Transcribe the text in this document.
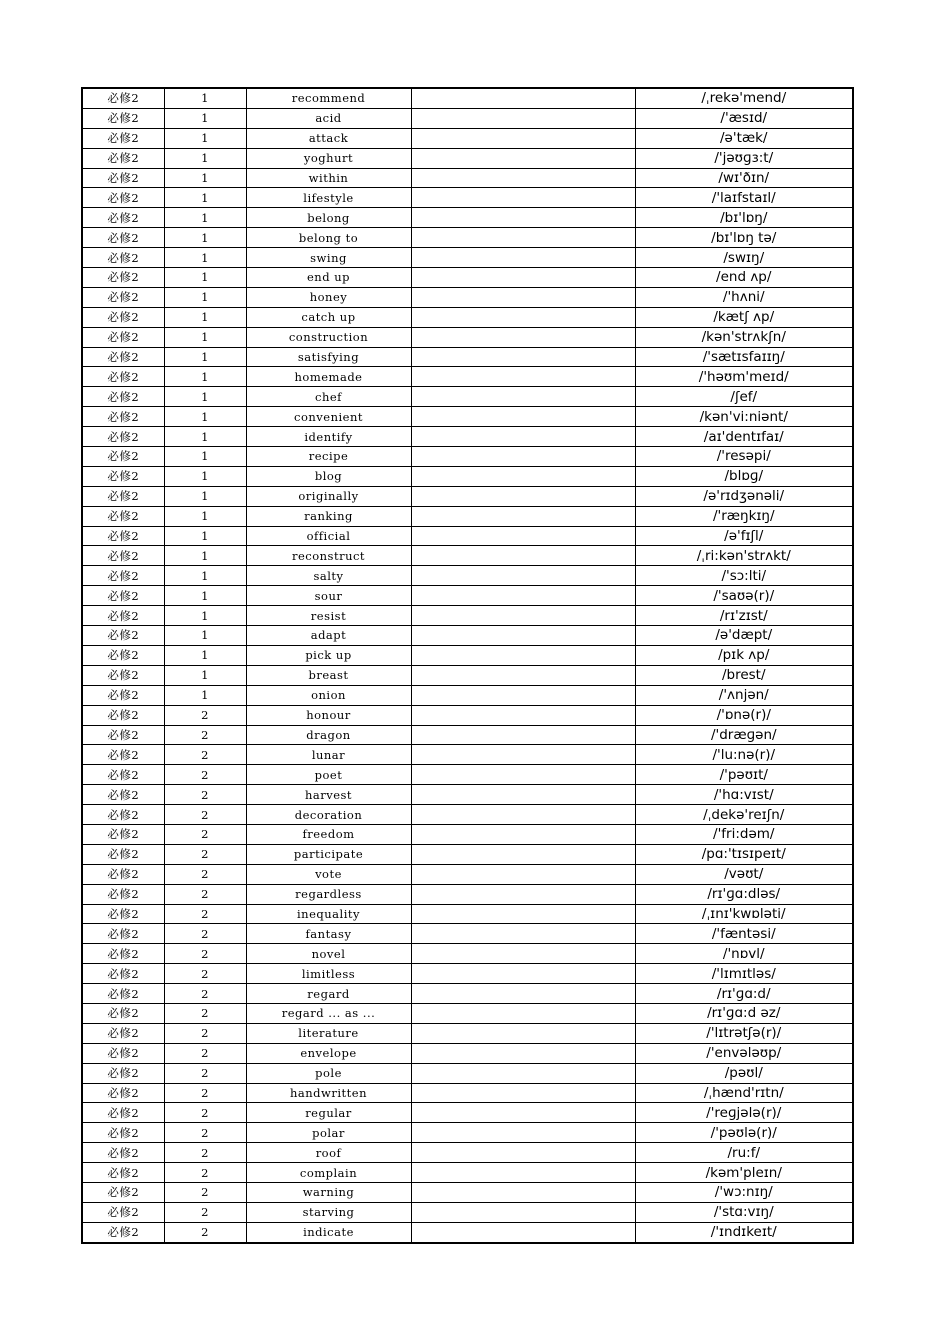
必修2	1	recommend		/ˌrekə'mend/
必修2	1	acid		/'æsɪd/
必修2	1	attack		/ə'tæk/
必修2	1	yoghurt		/'jəʊɡɜ:t/
必修2	1	within		/wɪ'ðɪn/
必修2	1	lifestyle		/'laɪfstaɪl/
必修2	1	belong		/bɪ'lɒŋ/
必修2	1	belong to		/bɪ'lɒŋ tə/
必修2	1	swing		/swɪŋ/
必修2	1	end up		/end ʌp/
必修2	1	honey		/'hʌni/
必修2	1	catch up		/kætʃ ʌp/
必修2	1	construction		/kən'strʌkʃn/
必修2	1	satisfying		/'sætɪsfaɪɪŋ/
必修2	1	homemade		/'həʊm'meɪd/
必修2	1	chef		/ʃef/
必修2	1	convenient		/kən'vi:niənt/
必修2	1	identify		/aɪ'dentɪfaɪ/
必修2	1	recipe		/'resəpi/
必修2	1	blog		/blɒɡ/
必修2	1	originally		/ə'rɪdʒənəli/
必修2	1	ranking		/'ræŋkɪŋ/
必修2	1	official		/ə'fɪʃl/
必修2	1	reconstruct		/ˌri:kən'strʌkt/
必修2	1	salty		/'sɔ:lti/
必修2	1	sour		/'saʊə(r)/
必修2	1	resist		/rɪ'zɪst/
必修2	1	adapt		/ə'dæpt/
必修2	1	pick up		/pɪk ʌp/
必修2	1	breast		/brest/
必修2	1	onion		/'ʌnjən/
必修2	2	honour		/'ɒnə(r)/
必修2	2	dragon		/'dræɡən/
必修2	2	lunar		/'lu:nə(r)/
必修2	2	poet		/'pəʊɪt/
必修2	2	harvest		/'hɑ:vɪst/
必修2	2	decoration		/ˌdekə'reɪʃn/
必修2	2	freedom		/'fri:dəm/
必修2	2	participate		/pɑ:'tɪsɪpeɪt/
必修2	2	vote		/vəʊt/
必修2	2	regardless		/rɪ'ɡɑ:dləs/
必修2	2	inequality		/ˌɪnɪ'kwɒləti/
必修2	2	fantasy		/'fæntəsi/
必修2	2	novel		/'nɒvl/
必修2	2	limitless		/'lɪmɪtləs/
必修2	2	regard		/rɪ'ɡɑ:d/
必修2	2	regard ... as ...		/rɪ'ɡɑ:d əz/
必修2	2	literature		/'lɪtrətʃə(r)/
必修2	2	envelope		/'envələʊp/
必修2	2	pole		/pəʊl/
必修2	2	handwritten		/ˌhænd'rɪtn/
必修2	2	regular		/'reɡjələ(r)/
必修2	2	polar		/'pəʊlə(r)/
必修2	2	roof		/ru:f/
必修2	2	complain		/kəm'pleɪn/
必修2	2	warning		/'wɔ:nɪŋ/
必修2	2	starving		/'stɑ:vɪŋ/
必修2	2	indicate		/'ɪndɪkeɪt/
